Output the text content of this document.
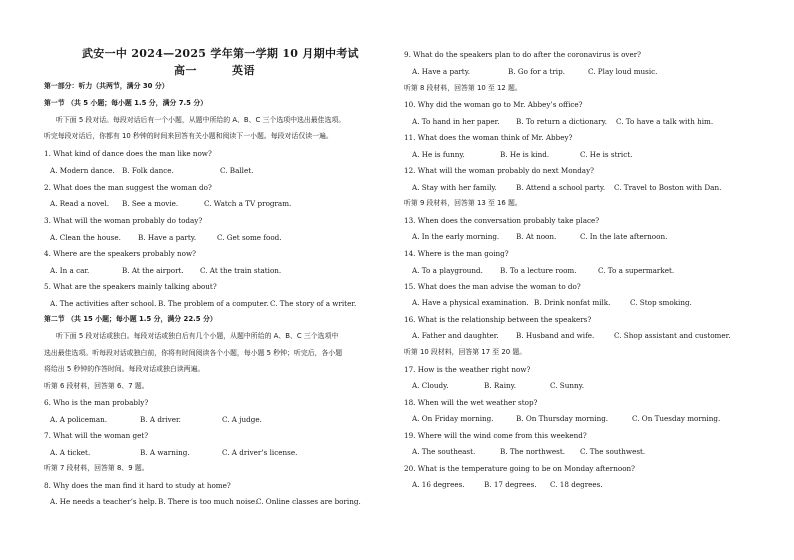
武安一中 2024—2025 学年第一学期 10 月期中考试
高一	英语
第一部分：听力（共两节，满分 30 分）
第一节 （共 5 小题；每小题 1.5 分，满分 7.5 分）
听下面 5 段对话。每段对话后有一个小题，从题中所给的 A、B、C 三个选项中选出最佳选项。
听完每段对话后，你都有 10 秒钟的时间来回答有关小题和阅读下一小题。每段对话仅读一遍。
1. What kind of dance does the man like now?
A. Modern dance. B. Folk dance.	C. Ballet.
2. What does the man suggest the woman do?
A. Read a novel. B. See a movie.	C. Watch a TV program.
3. What will the woman probably do today?
A. Clean the house. B. Have a party.	C. Get some food.
4. Where are the speakers probably now?
A. In a car.	B. At the airport. C. At the train station.
5. What are the speakers mainly talking about?
A. The activities after school. B. The problem of a computer. C. The story of a writer.
第二节 （共 15 小题；每小题 1.5 分，满分 22.5 分）
听下面 5 段对话或独白。每段对话或独白后有几个小题，从题中所给的 A、B、C 三个选项中
选出最佳选项。听每段对话或独白前，你将有时间阅读各个小题，每小题 5 秒钟；听完后，各小题
将给出 5 秒钟的作答时间。每段对话或独白读两遍。
听第 6 段材料，回答第 6、7 题。
6. Who is the man probably?
A. A policeman.	B. A driver.	C. A judge.
7. What will the woman get?
A. A ticket.	B. A warning.	C. A driver’s license.
听第 7 段材料，回答第 8、9 题。
8. Why does the man find it hard to study at home?
A. He needs a teacher’s help. B. There is too much noise.
C. Online classes are boring.
9. What do the speakers plan to do after the coronavirus is over?
A. Have a party.	B. Go for a trip.	C. Play loud music.
听第 8 段材料，回答第 10 至 12 题。
10. Why did the woman go to Mr. Abbey’s office?
A. To hand in her paper. B. To return a dictionary. C. To have a talk with him.
11. What does the woman think of Mr. Abbey?
A. He is funny.	B. He is kind.	C. He is strict.
12. What will the woman probably do next Monday?
A. Stay with her family.	B. Attend a school party. C. Travel to Boston with Dan.
听第 9 段材料，回答第 13 至 16 题。
13. When does the conversation probably take place?
A. In the early morning. B. At noon.	C. In the late afternoon.
14. Where is the man going?
A. To a playground. B. To a lecture room.	C. To a supermarket.
15. What does the man advise the woman to do?
A. Have a physical examination. B. Drink nonfat milk.	C. Stop smoking.
16. What is the relationship between the speakers?
A. Father and daughter. B. Husband and wife.	C. Shop assistant and customer.
听第 10 段材料，回答第 17 至 20 题。
17. How is the weather right now?
A. Cloudy.	B. Rainy.	C. Sunny.
18. When will the wet weather stop?
A. On Friday morning.	B. On Thursday morning.	C. On Tuesday morning.
19. Where will the wind come from this weekend?
A. The southeast.	B. The northwest. C. The southwest.
20. What is the temperature going to be on Monday afternoon?
A. 16 degrees.	B. 17 degrees. C. 18 degrees.
